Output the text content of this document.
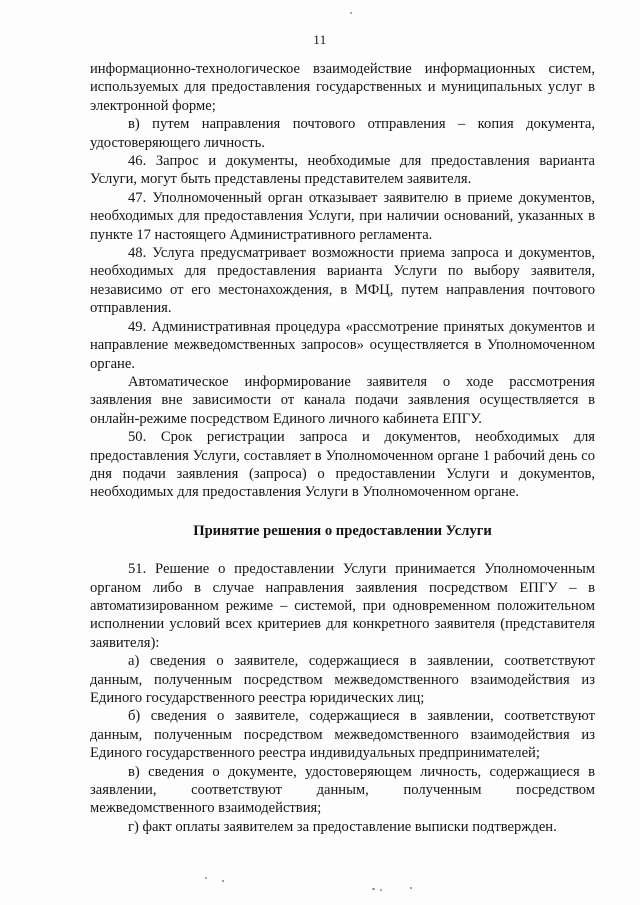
11

информационно-технологическое взаимодействие информационных систем, используемых для предоставления государственных и муниципальных услуг в электронной форме;

в) путем направления почтового отправления – копия документа, удостоверяющего личность.

46. Запрос и документы, необходимые для предоставления варианта Услуги, могут быть представлены представителем заявителя.

47. Уполномоченный орган отказывает заявителю в приеме документов, необходимых для предоставления Услуги, при наличии оснований, указанных в пункте 17 настоящего Административного регламента.

48. Услуга предусматривает возможности приема запроса и документов, необходимых для предоставления варианта Услуги по выбору заявителя, независимо от его местонахождения, в МФЦ, путем направления почтового отправления.

49. Административная процедура «рассмотрение принятых документов и направление межведомственных запросов» осуществляется в Уполномоченном органе.

Автоматическое информирование заявителя о ходе рассмотрения заявления вне зависимости от канала подачи заявления осуществляется в онлайн-режиме посредством Единого личного кабинета ЕПГУ.

50. Срок регистрации запроса и документов, необходимых для предоставления Услуги, составляет в Уполномоченном органе 1 рабочий день со дня подачи заявления (запроса) о предоставлении Услуги и документов, необходимых для предоставления Услуги в Уполномоченном органе.

Принятие решения о предоставлении Услуги

51. Решение о предоставлении Услуги принимается Уполномоченным органом либо в случае направления заявления посредством ЕПГУ – в автоматизированном режиме – системой, при одновременном положительном исполнении условий всех критериев для конкретного заявителя (представителя заявителя):

а) сведения о заявителе, содержащиеся в заявлении, соответствуют данным, полученным посредством межведомственного взаимодействия из Единого государственного реестра юридических лиц;

б) сведения о заявителе, содержащиеся в заявлении, соответствуют данным, полученным посредством межведомственного взаимодействия из Единого государственного реестра индивидуальных предпринимателей;

в) сведения о документе, удостоверяющем личность, содержащиеся в заявлении, соответствуют данным, полученным посредством межведомственного взаимодействия;

г) факт оплаты заявителем за предоставление выписки подтвержден.
